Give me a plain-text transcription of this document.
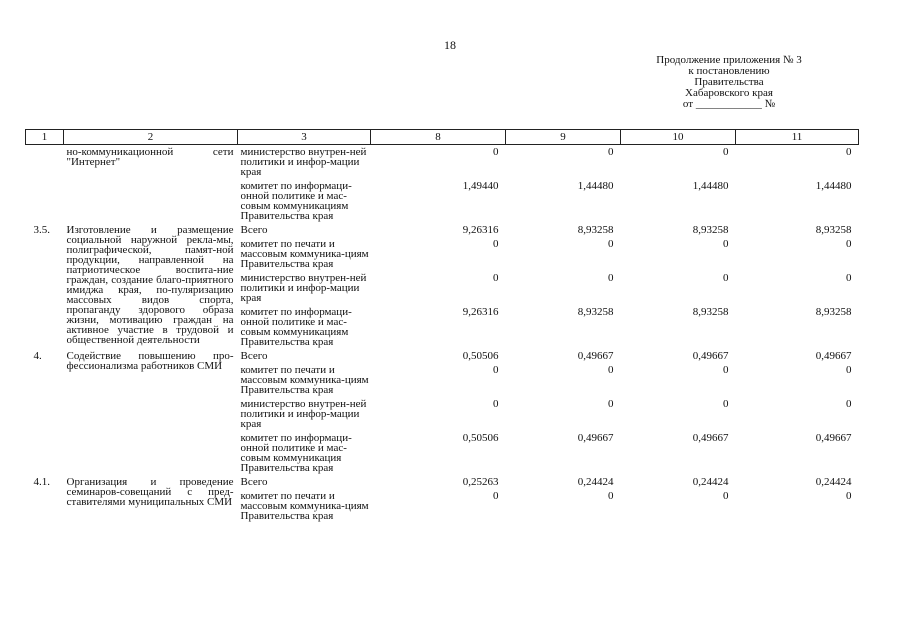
18
Продолжение приложения № 3
к постановлению
Правительства
Хабаровского края
от ____________ №
1	2	3	8	9	10	11
	но-коммуникационной сети "Интернет"	министерство внутрен-ней политики и инфор-мации края	0	0	0	0
		комитет по информаци-онной политике и мас-совым коммуникациям Правительства края	1,49440	1,44480	1,44480	1,44480
3.5.	Изготовление и размещение социальной наружной рекла-мы, полиграфической, памят-ной продукции, направленной на патриотическое воспита-ние граждан, создание благо-приятного имиджа края, по-пуляризацию массовых видов спорта, пропаганду здорового образа жизни, мотивацию граждан на активное участие в трудовой и общественной деятельности	Всего	9,26316	8,93258	8,93258	8,93258
		комитет по печати и массовым коммуника-циям Правительства края	0	0	0	0
		министерство внутрен-ней политики и инфор-мации края	0	0	0	0
		комитет по информаци-онной политике и мас-совым коммуникациям Правительства края	9,26316	8,93258	8,93258	8,93258
4.	Содействие повышению про-фессионализма работников СМИ	Всего	0,50506	0,49667	0,49667	0,49667
		комитет по печати и массовым коммуника-циям Правительства края	0	0	0	0
		министерство внутрен-ней политики и инфор-мации края	0	0	0	0
		комитет по информаци-онной политике и мас-совым коммуникация Правительства края	0,50506	0,49667	0,49667	0,49667
4.1.	Организация и проведение семинаров-совещаний с пред-ставителями муниципальных СМИ	Всего	0,25263	0,24424	0,24424	0,24424
		комитет по печати и массовым коммуника-циям Правительства края	0	0	0	0
